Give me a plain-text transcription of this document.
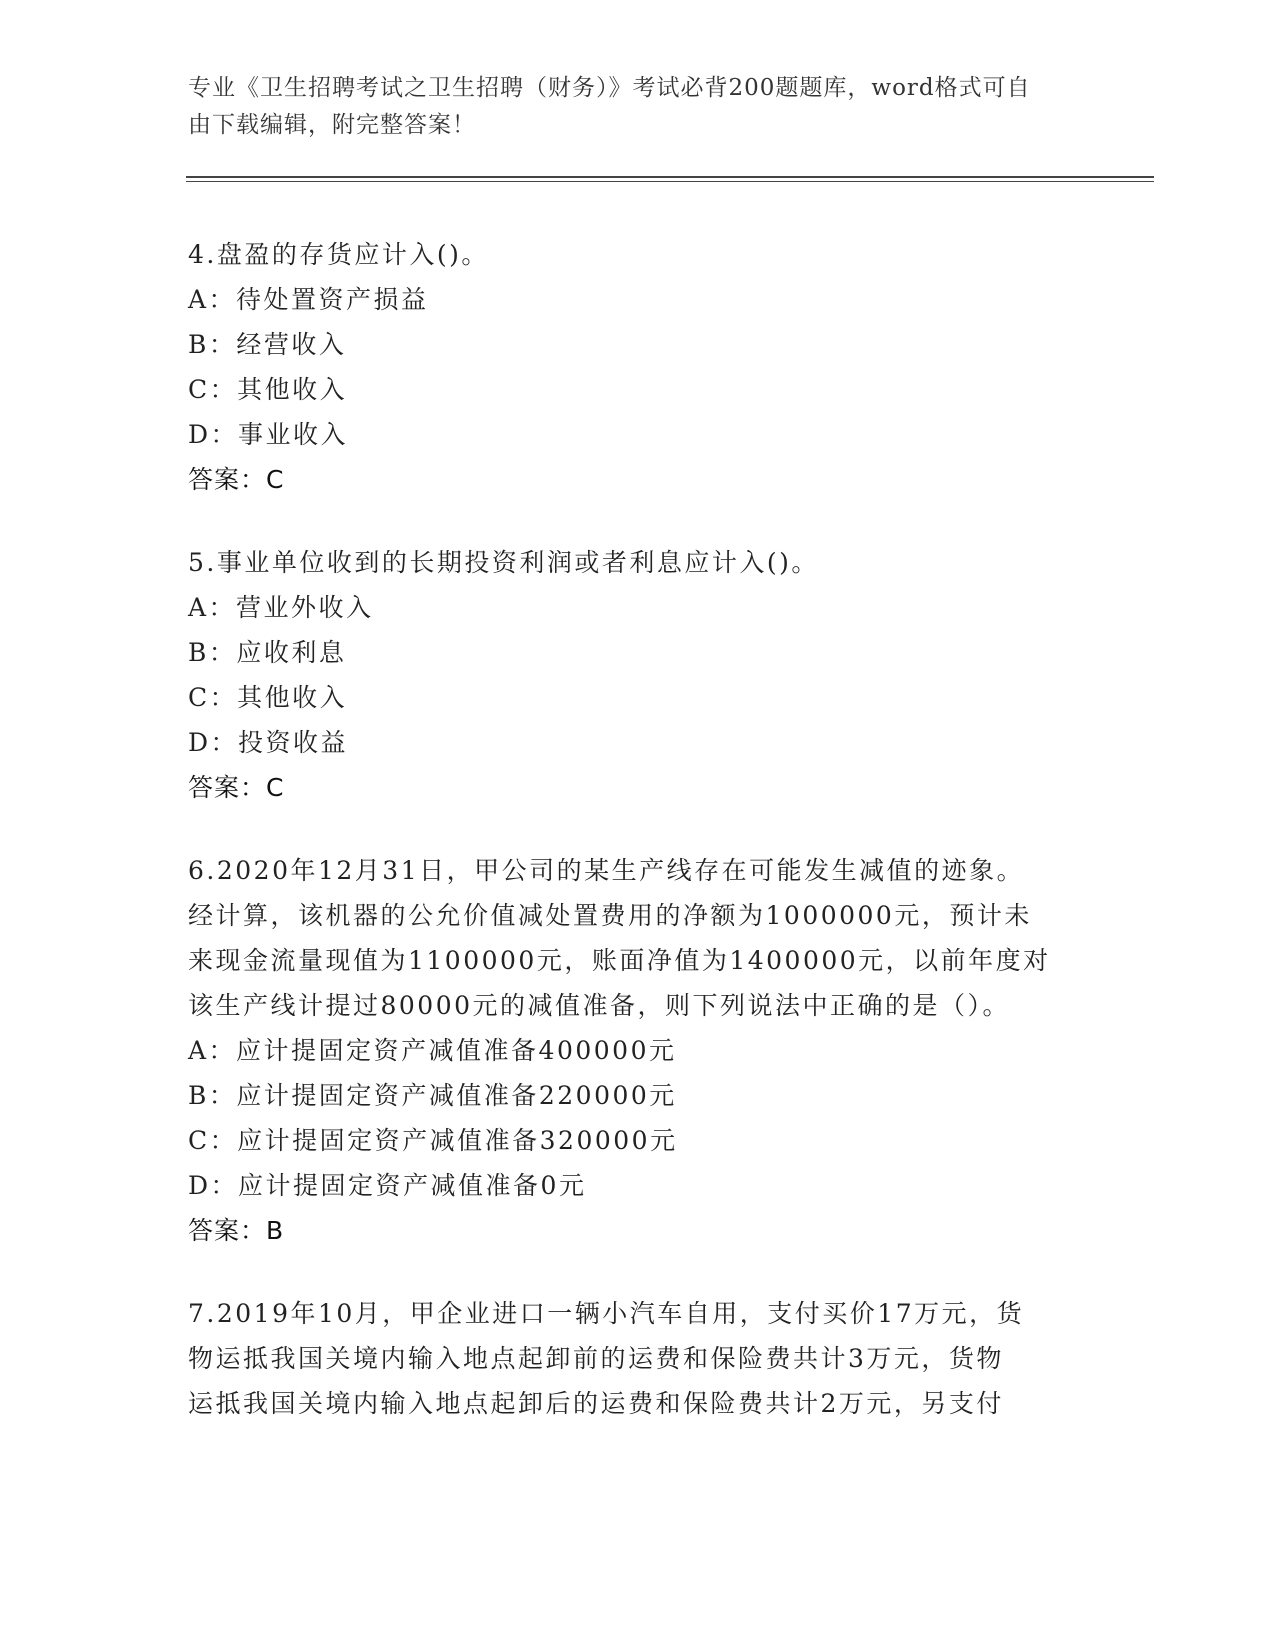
专业《卫生招聘考试之卫生招聘（财务）》考试必背200题题库，word格式可自
由下载编辑，附完整答案！

4.盘盈的存货应计入()。

A：待处置资产损益

B：经营收入

C：其他收入

D：事业收入

答案：C

5.事业单位收到的长期投资利润或者利息应计入()。

A：营业外收入

B：应收利息

C：其他收入

D：投资收益

答案：C

6.2020年12月31日，甲公司的某生产线存在可能发生减值的迹象。

经计算，该机器的公允价值减处置费用的净额为1000000元，预计未

来现金流量现值为1100000元，账面净值为1400000元，以前年度对

该生产线计提过80000元的减值准备，则下列说法中正确的是（）。

A：应计提固定资产减值准备400000元

B：应计提固定资产减值准备220000元

C：应计提固定资产减值准备320000元

D：应计提固定资产减值准备0元

答案：B

7.2019年10月，甲企业进口一辆小汽车自用，支付买价17万元，货

物运抵我国关境内输入地点起卸前的运费和保险费共计3万元，货物

运抵我国关境内输入地点起卸后的运费和保险费共计2万元，另支付
